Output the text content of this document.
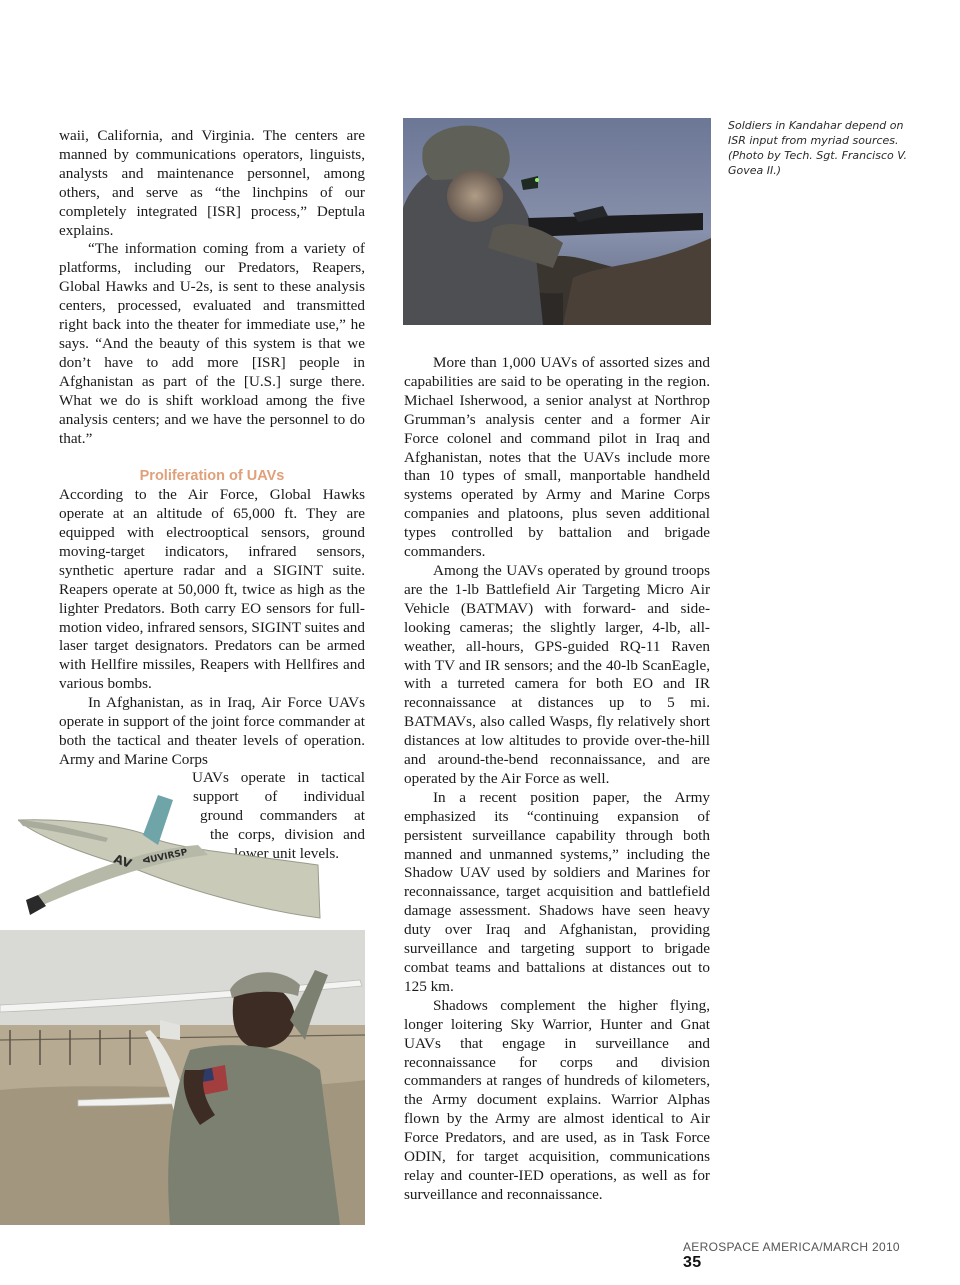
waii, California, and Virginia. The centers are manned by communications operators, linguists, analysts and maintenance personnel, among others, and serve as “the linchpins of our completely integrated [ISR] process,” Deptula explains.

“The information coming from a variety of platforms, including our Predators, Reapers, Global Hawks and U-2s, is sent to these analysis centers, processed, evaluated and transmitted right back into the theater for immediate use,” he says. “And the beauty of this system is that we don’t have to add more [ISR] people in Afghanistan as part of the [U.S.] surge there. What we do is shift workload among the five analysis centers; and we have the personnel to do that.”

Proliferation of UAVs

According to the Air Force, Global Hawks operate at an altitude of 65,000 ft. They are equipped with electrooptical sensors, ground moving-target indicators, infrared sensors, synthetic aperture radar and a SIGINT suite. Reapers operate at 50,000 ft, twice as high as the lighter Predators. Both carry EO sensors for full-motion video, infrared sensors, SIGINT suites and laser target designators. Predators can be armed with Hellfire missiles, Reapers with Hellfires and various bombs.

In Afghanistan, as in Iraq, Air Force UAVs operate in support of the joint force commander at both the tactical and theater levels of operation. Army and Marine Corps

UAVs operate in tactical
support of individual
ground commanders at
the corps, division and
lower unit levels.

More than 1,000 UAVs of assorted sizes and capabilities are said to be operating in the region. Michael Isherwood, a senior analyst at Northrop Grumman’s analysis center and a former Air Force colonel and command pilot in Iraq and Afghanistan, notes that the UAVs include more than 10 types of small, manportable handheld systems operated by Army and Marine Corps companies and platoons, plus seven additional types controlled by battalion and brigade commanders.

Among the UAVs operated by ground troops are the 1-lb Battlefield Air Targeting Micro Air Vehicle (BATMAV) with forward- and side-looking cameras; the slightly larger, 4-lb, all-weather, all-hours, GPS-guided RQ-11 Raven with TV and IR sensors; and the 40-lb ScanEagle, with a turreted camera for both EO and IR reconnaissance at distances up to 5 mi. BATMAVs, also called Wasps, fly relatively short distances at low altitudes to provide over-the-hill and around-the-bend reconnaissance, and are operated by the Air Force as well.

In a recent position paper, the Army emphasized its “continuing expansion of persistent surveillance capability through both manned and unmanned systems,” including the Shadow UAV used by soldiers and Marines for reconnaissance, target acquisition and battlefield damage assessment. Shadows have seen heavy duty over Iraq and Afghanistan, providing surveillance and targeting support to brigade combat teams and battalions at distances out to 125 km.

Shadows complement the higher flying, longer loitering Sky Warrior, Hunter and Gnat UAVs that engage in surveillance and reconnaissance for corps and division commanders at ranges of hundreds of kilometers, the Army document explains. Warrior Alphas flown by the Army are almost identical to Air Force Predators, and are used, as in Task Force ODIN, for target acquisition, communications relay and counter-IED operations, as well as for surveillance and reconnaissance.

Soldiers in Kandahar depend on ISR input from myriad sources. (Photo by Tech. Sgt. Francisco V. Govea II.)
AV ᐊUVIRSP
AEROSPACE AMERICA/MARCH 2010 35
